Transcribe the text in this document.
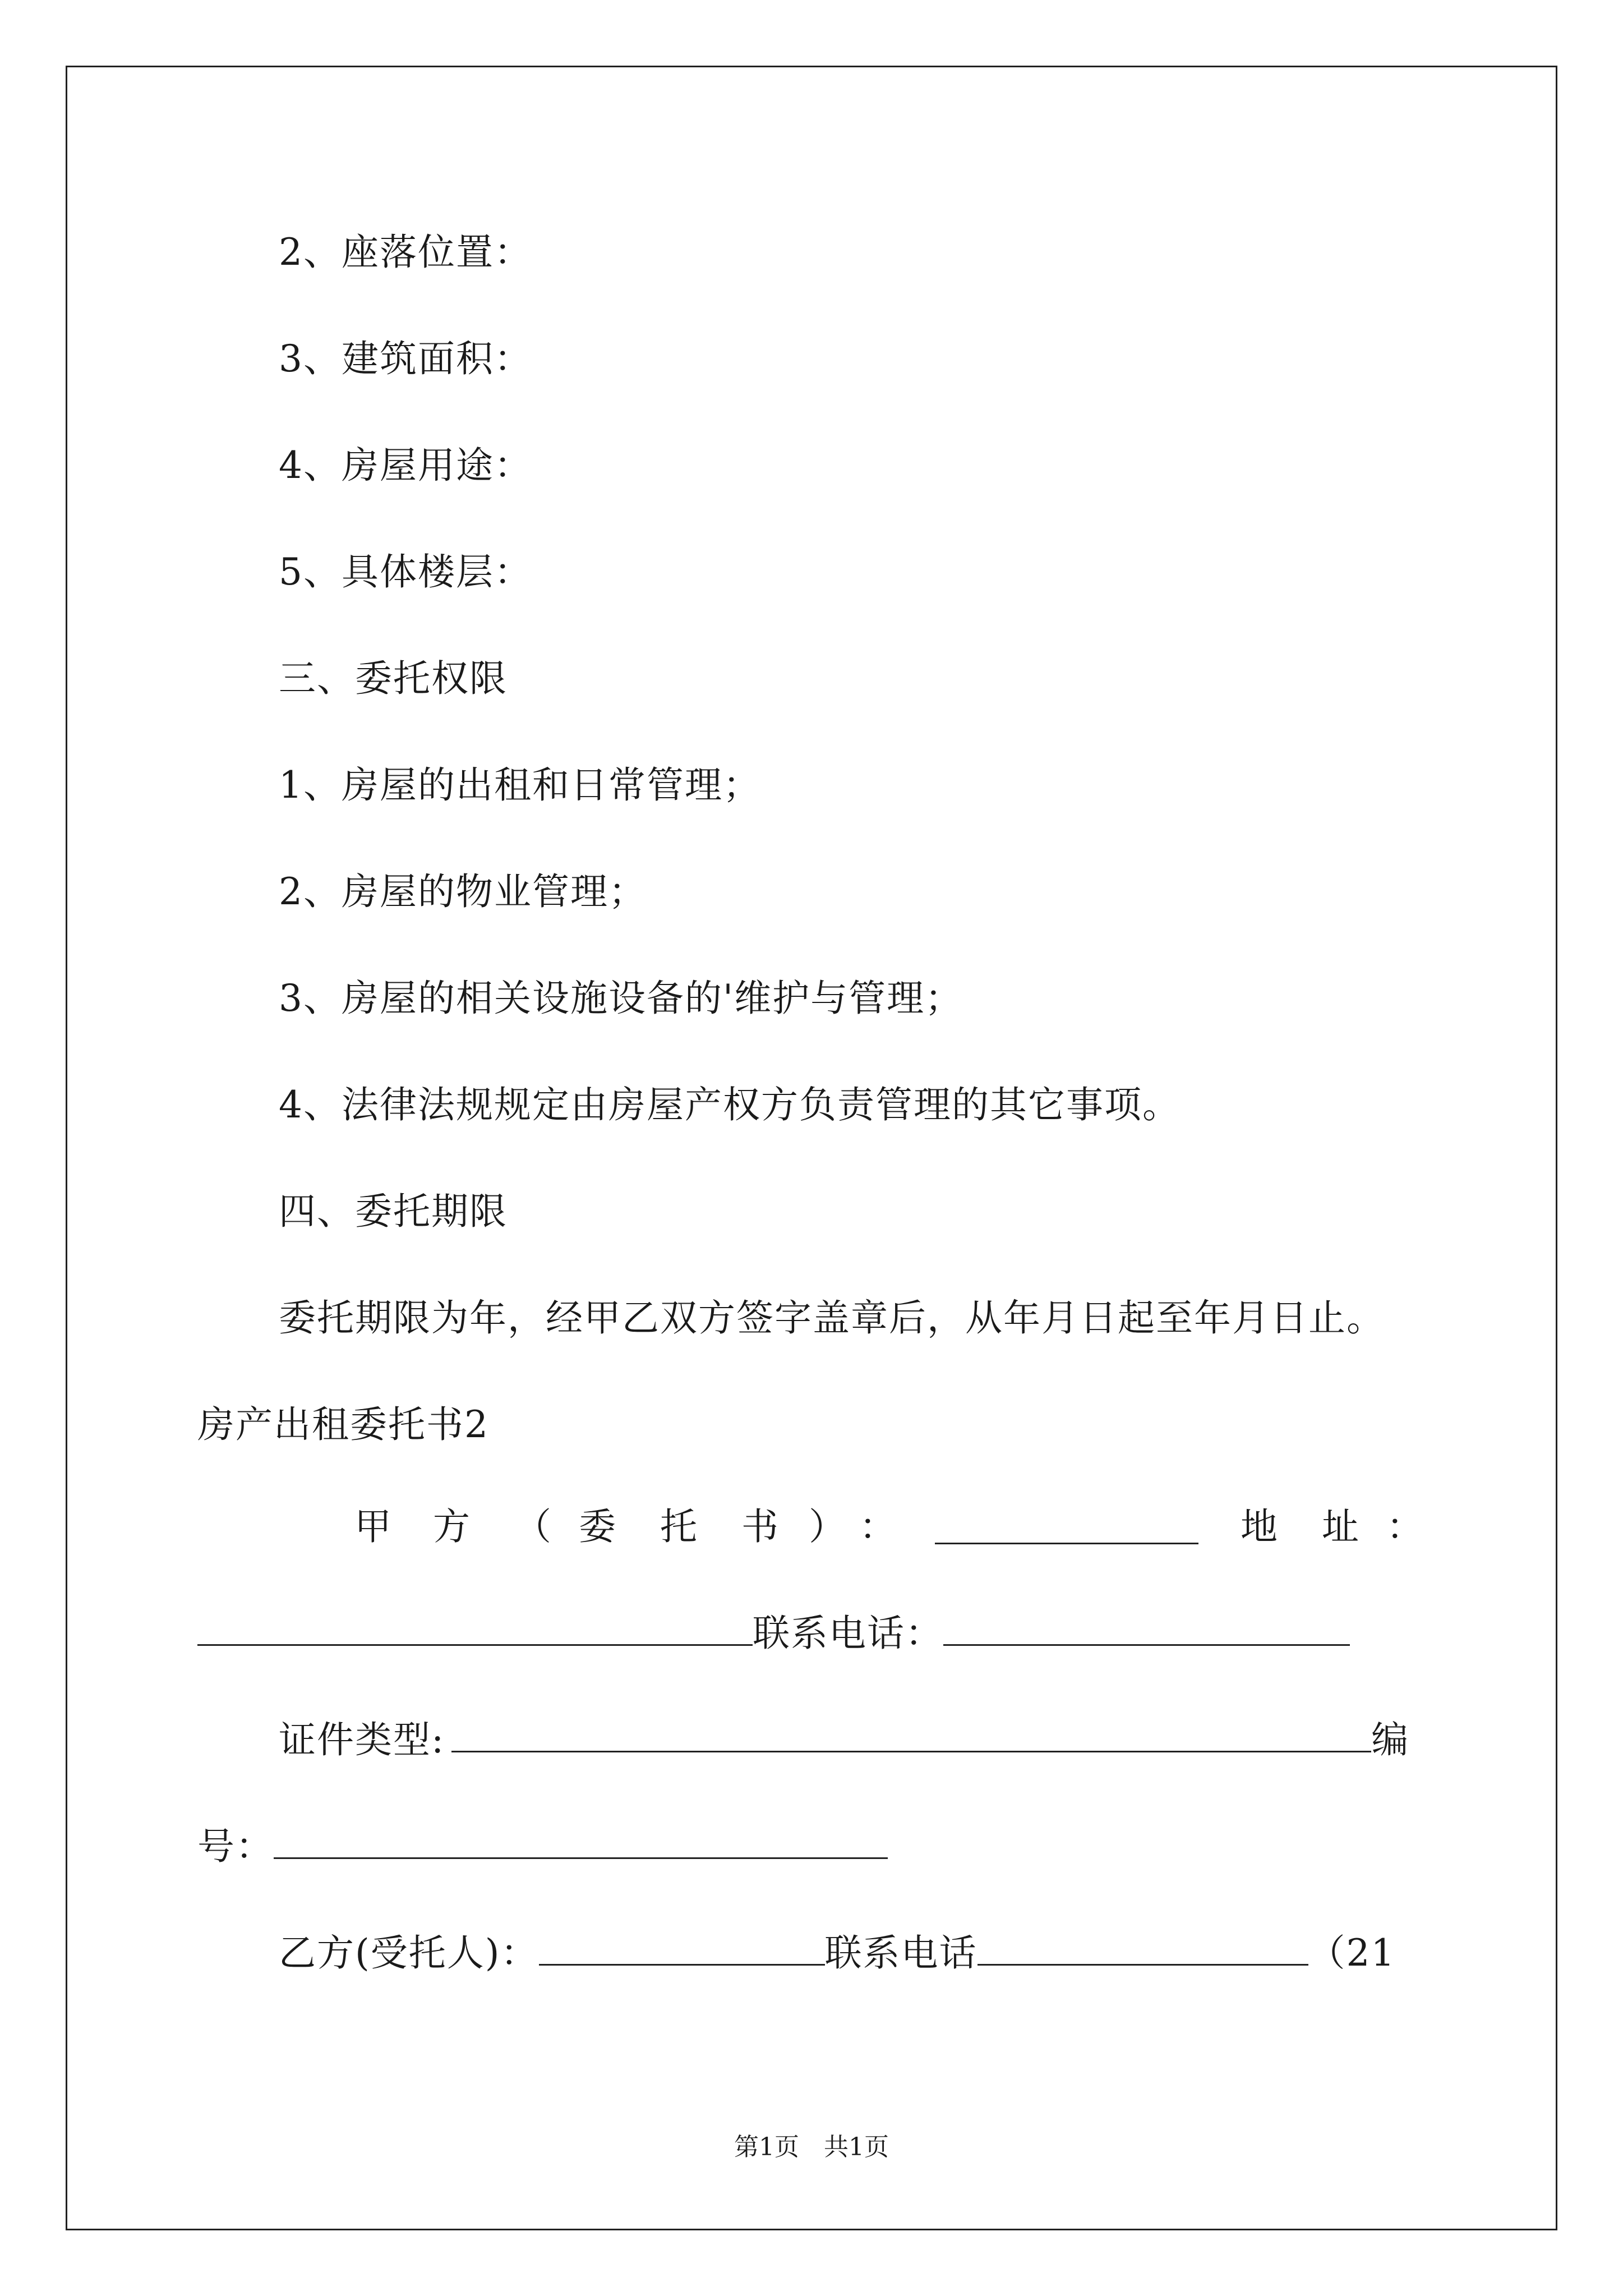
2、座落位置：
3、建筑面积：
4、房屋用途：
5、具体楼层：
三、委托权限
1、房屋的出租和日常管理；
2、房屋的物业管理；
3、房屋的相关设施设备的'维护与管理；
4、法律法规规定由房屋产权方负责管理的其它事项。
四、委托期限
委托期限为年，经甲乙双方签字盖章后，从年月日起至年月日止。
房产出租委托书2
甲 方 （ 委 托 书 ） ：	地 址 ：
联系电话：
证件类型:	编
号：
乙方(受托人)：	联系电话	（21
第1页　共1页
